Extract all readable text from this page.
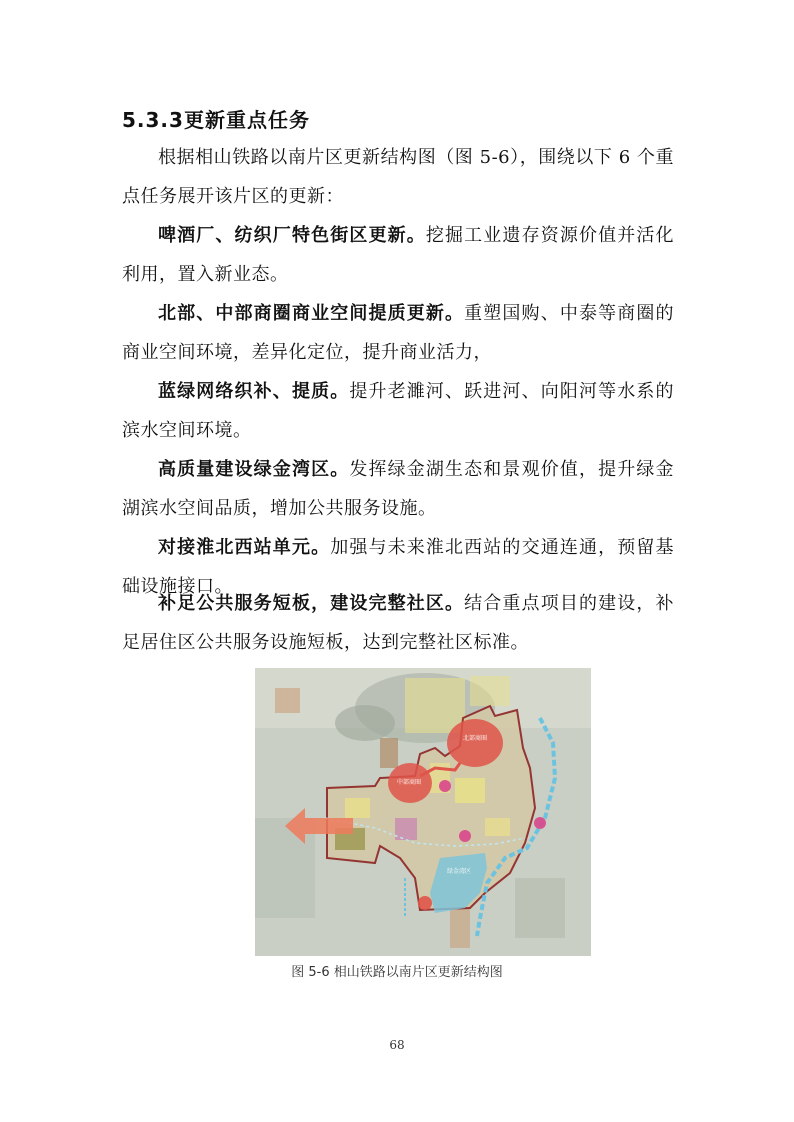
5.3.3更新重点任务

根据相山铁路以南片区更新结构图（图 5-6），围绕以下 6 个重点任务展开该片区的更新：

啤酒厂、纺织厂特色街区更新。挖掘工业遗存资源价值并活化利用，置入新业态。

北部、中部商圈商业空间提质更新。重塑国购、中泰等商圈的商业空间环境，差异化定位，提升商业活力，

蓝绿网络织补、提质。提升老濉河、跃进河、向阳河等水系的滨水空间环境。

高质量建设绿金湾区。发挥绿金湖生态和景观价值，提升绿金湖滨水空间品质，增加公共服务设施。

对接淮北西站单元。加强与未来淮北西站的交通连通，预留基础设施接口。

补足公共服务短板，建设完整社区。结合重点项目的建设，补足居住区公共服务设施短板，达到完整社区标准。

绿金湾区
中部商圈
北部商圈
图 5-6 相山铁路以南片区更新结构图
68
